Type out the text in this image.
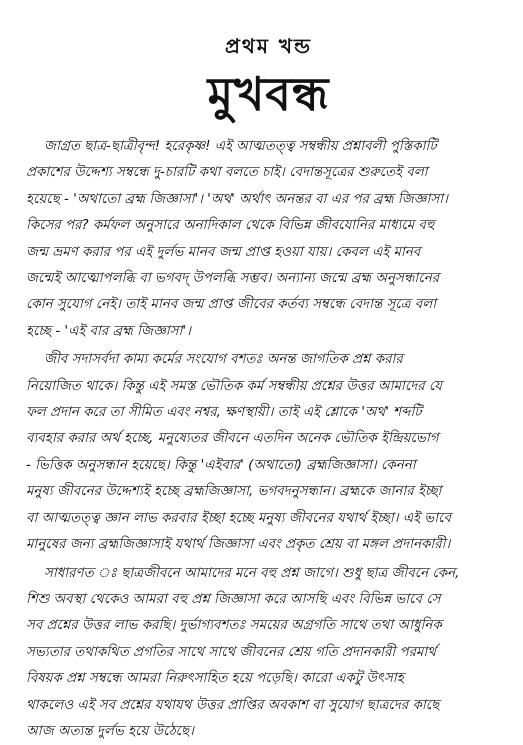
প্রথম খন্ড
মুখবন্ধ
জাগ্রত ছাত্র-ছাত্রীবৃন্দ! হরেকৃষ্ণ! এই আত্মতত্ত্ব সম্বন্ধীয় প্রশ্নাবলী পুস্তিকাটি
প্রকাশের উদ্দেশ্য সম্বন্ধে দু-চারটি কথা বলতে চাই। বেদান্তসূত্রের শুরুতেই বলা
হয়েছে - 'অথাতো ব্রহ্ম জিজ্ঞাসা'। 'অথ' অর্থাৎ অনন্তর বা এর পর ব্রহ্ম জিজ্ঞাসা।
কিসের পর? কর্মফল অনুসারে অনাদিকাল থেকে বিভিন্ন জীবযোনির মাধ্যমে বহু
জন্ম ভ্রমণ করার পর এই দুর্লভ মানব জন্ম প্রাপ্ত হওয়া যায়। কেবল এই মানব
জন্মেই আত্মোপলব্ধি বা ভগবদ্ উপলব্ধি সম্ভব। অন্যান্য জন্মে ব্রহ্ম অনুসন্ধানের
কোন সুযোগ নেই। তাই মানব জন্ম প্রাপ্ত জীবের কর্তব্য সম্বন্ধে বেদান্ত সূত্রে বলা
হচ্ছে - 'এই বার ব্রহ্ম জিজ্ঞাসা'।
জীব সদাসর্বদা কাম্য কর্মের সংযোগ বশতঃ অনন্ত জাগতিক প্রশ্ন করার
নিয়োজিত থাকে। কিন্তু এই সমস্ত ভৌতিক কর্ম সম্বন্ধীয় প্রশ্নের উত্তর আমাদের যে
ফল প্রদান করে তা সীমিত এবং নশ্বর, ক্ষণস্থায়ী। তাই এই শ্লোকে 'অথ' শব্দটি
ব্যবহার করার অর্থ হচ্ছে, মনুষ্যেতর জীবনে এতদিন অনেক ভৌতিক ইন্দ্রিয়ভোগ
- ভিত্তিক অনুসন্ধান হয়েছে। কিন্তু 'এইবার' (অথাতো) ব্রহ্মজিজ্ঞাসা। কেননা
মনুষ্য জীবনের উদ্দেশ্যই হচ্ছে ব্রহ্মজিজ্ঞাসা, ভগবদনুসন্ধান। ব্রহ্মকে জানার ইচ্ছা
বা আত্মতত্ত্ব জ্ঞান লাভ করবার ইচ্ছা হচ্ছে মনুষ্য জীবনের যথার্থ ইচ্ছা। এই ভাবে
মানুষের জন্য ব্রহ্মজিজ্ঞাসাই যথার্থ জিজ্ঞাসা এবং প্রকৃত শ্রেয় বা মঙ্গল প্রদানকারী।
সাধারণত ঃ ছাত্রজীবনে আমাদের মনে বহু প্রশ্ন জাগে। শুধু ছাত্র জীবনে কেন,
শিশু অবস্থা থেকেও আমরা বহু প্রশ্ন জিজ্ঞাসা করে আসছি এবং বিভিন্ন ভাবে সে
সব প্রশ্নের উত্তর লাভ করছি। দুর্ভাগ্যবশতঃ সময়ের অগ্রগতি সাথে তথা আধুনিক
সভ্যতার তথাকথিত প্রগতির সাথে সাথে জীবনের শ্রেয় গতি প্রদানকারী পরমার্থ
বিষয়ক প্রশ্ন সম্বন্ধে আমরা নিরুৎসাহিত হয়ে পড়েছি। কারো একটু উৎসাহ
থাকলেও এই সব প্রশ্নের যথাযথ উত্তর প্রাপ্তির অবকাশ বা সুযোগ ছাত্রদের কাছে
আজ অত্যন্ত দুর্লভ হয়ে উঠেছে।
